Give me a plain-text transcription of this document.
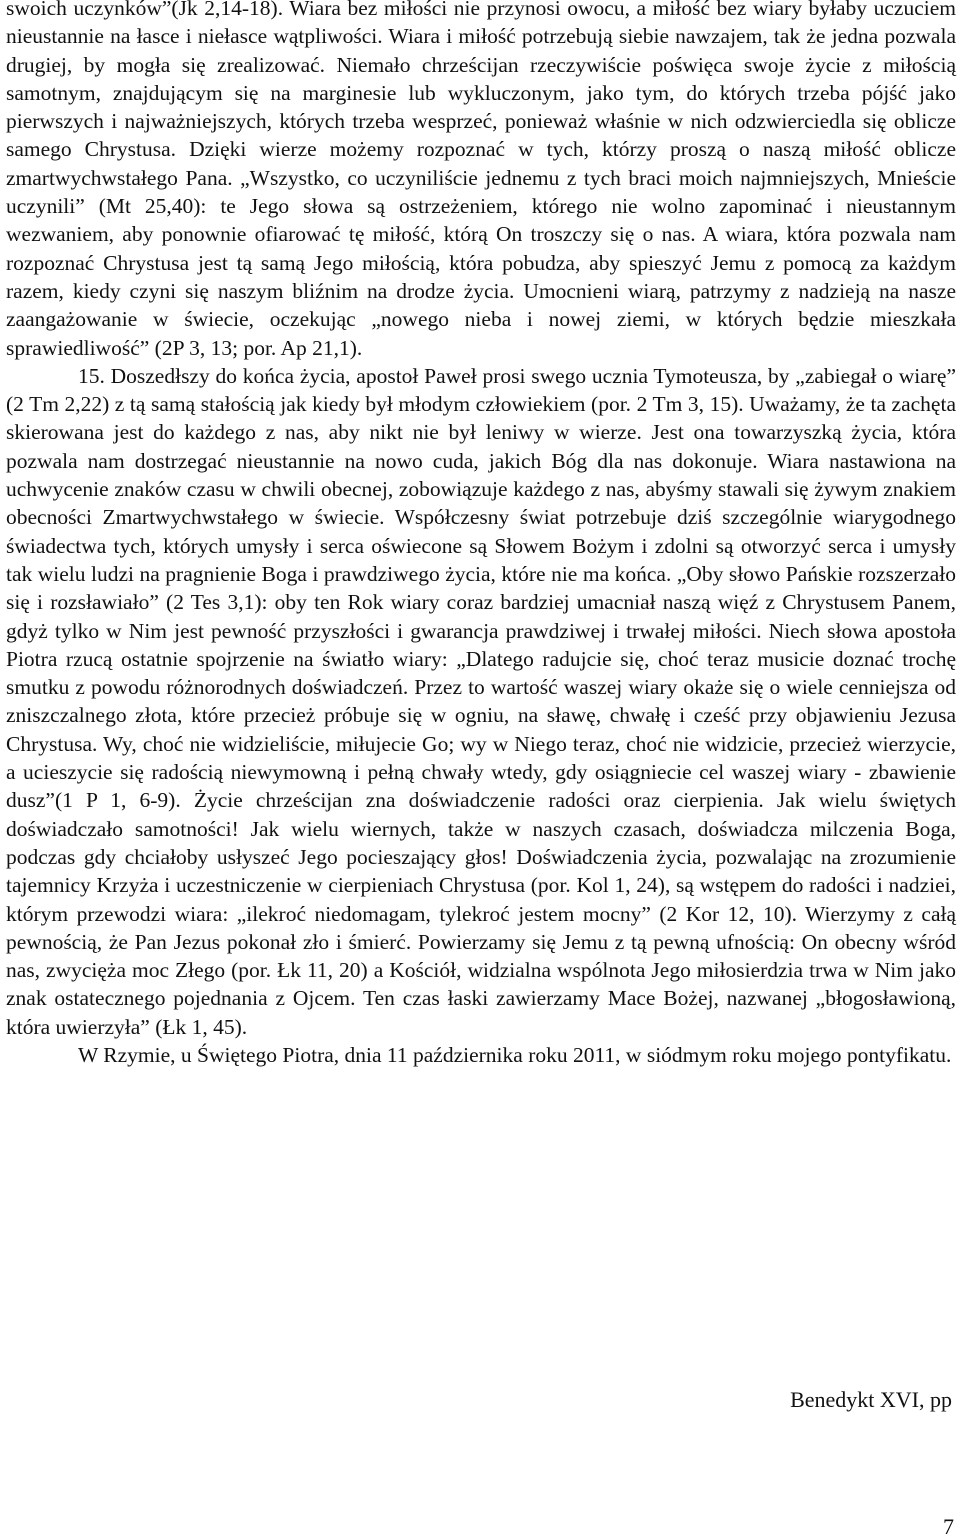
swoich uczynków”(Jk 2,14-18). Wiara bez miłości nie przynosi owocu, a miłość bez wiary byłaby uczuciem nieustannie na łasce i niełasce wątpliwości. Wiara i miłość potrzebują siebie nawzajem, tak że jedna pozwala drugiej, by mogła się zrealizować. Niemało chrześcijan rzeczywiście poświęca swoje życie z miłością samotnym, znajdującym się na marginesie lub wykluczonym, jako tym, do których trzeba pójść jako pierwszych i najważniejszych, których trzeba wesprzeć, ponieważ właśnie w nich odzwierciedla się oblicze samego Chrystusa. Dzięki wierze możemy rozpoznać w tych, którzy proszą o naszą miłość oblicze zmartwychwstałego Pana. „Wszystko, co uczyniliście jednemu z tych braci moich najmniejszych, Mnieście uczynili” (Mt 25,40): te Jego słowa są ostrzeżeniem, którego nie wolno zapominać i nieustannym wezwaniem, aby ponownie ofiarować tę miłość, którą On troszczy się o nas. A wiara, która pozwala nam rozpoznać Chrystusa jest tą samą Jego miłością, która pobudza, aby spieszyć Jemu z pomocą za każdym razem, kiedy czyni się naszym bliźnim na drodze życia. Umocnieni wiarą, patrzymy z nadzieją na nasze zaangażowanie w świecie, oczekując „nowego nieba i nowej ziemi, w których będzie mieszkała sprawiedliwość” (2P 3, 13; por. Ap 21,1).

15. Doszedłszy do końca życia, apostoł Paweł prosi swego ucznia Tymoteusza, by „zabiegał o wiarę” (2 Tm 2,22) z tą samą stałością jak kiedy był młodym człowiekiem (por. 2 Tm 3, 15). Uważamy, że ta zachęta skierowana jest do każdego z nas, aby nikt nie był leniwy w wierze. Jest ona towarzyszką życia, która pozwala nam dostrzegać nieustannie na nowo cuda, jakich Bóg dla nas dokonuje. Wiara nastawiona na uchwycenie znaków czasu w chwili obecnej, zobowiązuje każdego z nas, abyśmy stawali się żywym znakiem obecności Zmartwychwstałego w świecie. Współczesny świat potrzebuje dziś szczególnie wiarygodnego świadectwa tych, których umysły i serca oświecone są Słowem Bożym i zdolni są otworzyć serca i umysły tak wielu ludzi na pragnienie Boga i prawdziwego życia, które nie ma końca. „Oby słowo Pańskie rozszerzało się i rozsławiało” (2 Tes 3,1): oby ten Rok wiary coraz bardziej umacniał naszą więź z Chrystusem Panem, gdyż tylko w Nim jest pewność przyszłości i gwarancja prawdziwej i trwałej miłości. Niech słowa apostoła Piotra rzucą ostatnie spojrzenie na światło wiary: „Dlatego radujcie się, choć teraz musicie doznać trochę smutku z powodu różnorodnych doświadczeń. Przez to wartość waszej wiary okaże się o wiele cenniejsza od zniszczalnego złota, które przecież próbuje się w ogniu, na sławę, chwałę i cześć przy objawieniu Jezusa Chrystusa. Wy, choć nie widzieliście, miłujecie Go; wy w Niego teraz, choć nie widzicie, przecież wierzycie, a ucieszycie się radością niewymowną i pełną chwały wtedy, gdy osiągniecie cel waszej wiary - zbawienie dusz”(1 P 1, 6-9). Życie chrześcijan zna doświadczenie radości oraz cierpienia. Jak wielu świętych doświadczało samotności! Jak wielu wiernych, także w naszych czasach, doświadcza milczenia Boga, podczas gdy chciałoby usłyszeć Jego pocieszający głos! Doświadczenia życia, pozwalając na zrozumienie tajemnicy Krzyża i uczestniczenie w cierpieniach Chrystusa (por. Kol 1, 24), są wstępem do radości i nadziei, którym przewodzi wiara: „ilekroć niedomagam, tylekroć jestem mocny” (2 Kor 12, 10). Wierzymy z całą pewnością, że Pan Jezus pokonał zło i śmierć. Powierzamy się Jemu z tą pewną ufnością: On obecny wśród nas, zwycięża moc Złego (por. Łk 11, 20) a Kościół, widzialna wspólnota Jego miłosierdzia trwa w Nim jako znak ostatecznego pojednania z Ojcem. Ten czas łaski zawierzamy Mace Bożej, nazwanej „błogosławioną, która uwierzyła” (Łk 1, 45).

W Rzymie, u Świętego Piotra, dnia 11 października roku 2011, w siódmym roku mojego pontyfikatu.

Benedykt XVI, pp
7
